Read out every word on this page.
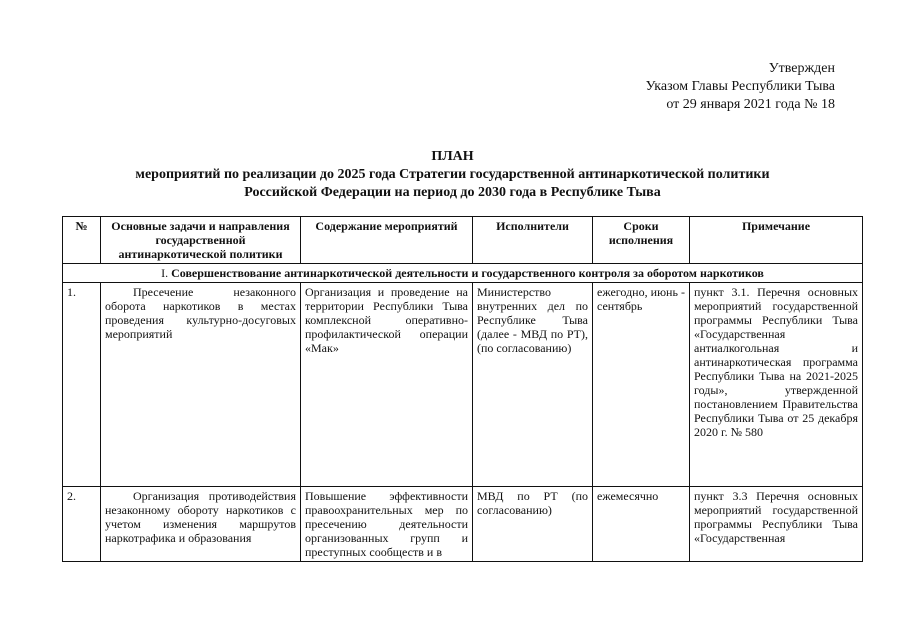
Утвержден
Указом Главы Республики Тыва
от 29 января 2021 года № 18
ПЛАН
мероприятий по реализации до 2025 года Стратегии государственной антинаркотической политики
Российской Федерации на период до 2030 года в Республике Тыва
№	Основные задачи и направления государственной антинаркотической политики	Содержание мероприятий	Исполнители	Сроки исполнения	Примечание
I. Совершенствование антинаркотической деятельности и государственного контроля за оборотом наркотиков					
1.	Пресечение незаконного оборота наркотиков в местах проведения культурно-досуговых мероприятий	Организация и проведение на территории Республики Тыва комплексной оперативно-профилактической операции «Мак»	Министерство внутренних дел по Республике Тыва (далее - МВД по РТ), (по согласованию)	ежегодно, июнь - сентябрь	пункт 3.1. Перечня основных мероприятий государственной программы Республики Тыва «Государственная антиалкогольная и антинаркотическая программа Республики Тыва на 2021-2025 годы», утвержденной постановлением Правительства Республики Тыва от 25 декабря 2020 г. № 580
2.	Организация противодействия незаконному обороту наркотиков с учетом изменения маршрутов наркотрафика и образования	Повышение эффективности правоохранительных мер по пресечению деятельности организованных групп и преступных сообществ и в	МВД по РТ (по согласованию)	ежемесячно	пункт 3.3 Перечня основных мероприятий государственной программы Республики Тыва «Государственная
